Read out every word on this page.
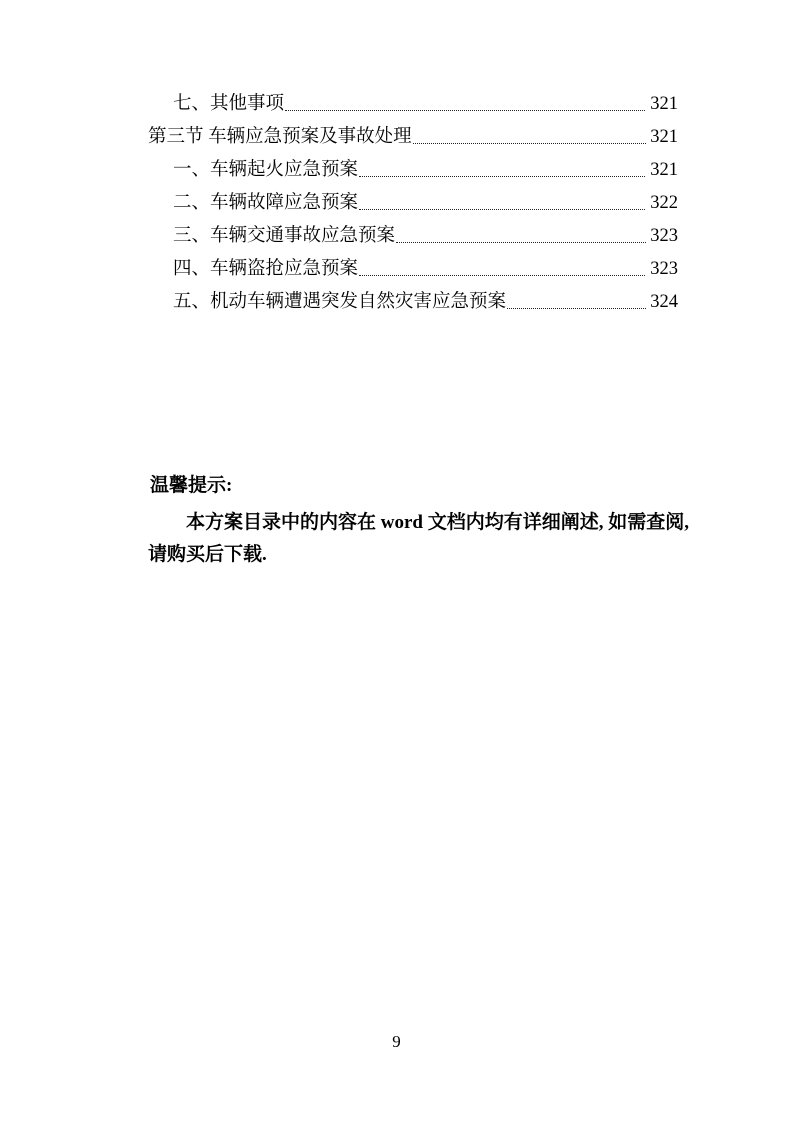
七、其他事项	321
第三节 车辆应急预案及事故处理	321
一、车辆起火应急预案	321
二、车辆故障应急预案	322
三、车辆交通事故应急预案	323
四、车辆盗抢应急预案	323
五、机动车辆遭遇突发自然灾害应急预案	324
温馨提示:
本方案目录中的内容在 word 文档内均有详细阐述, 如需查阅, 请购买后下载.
9
